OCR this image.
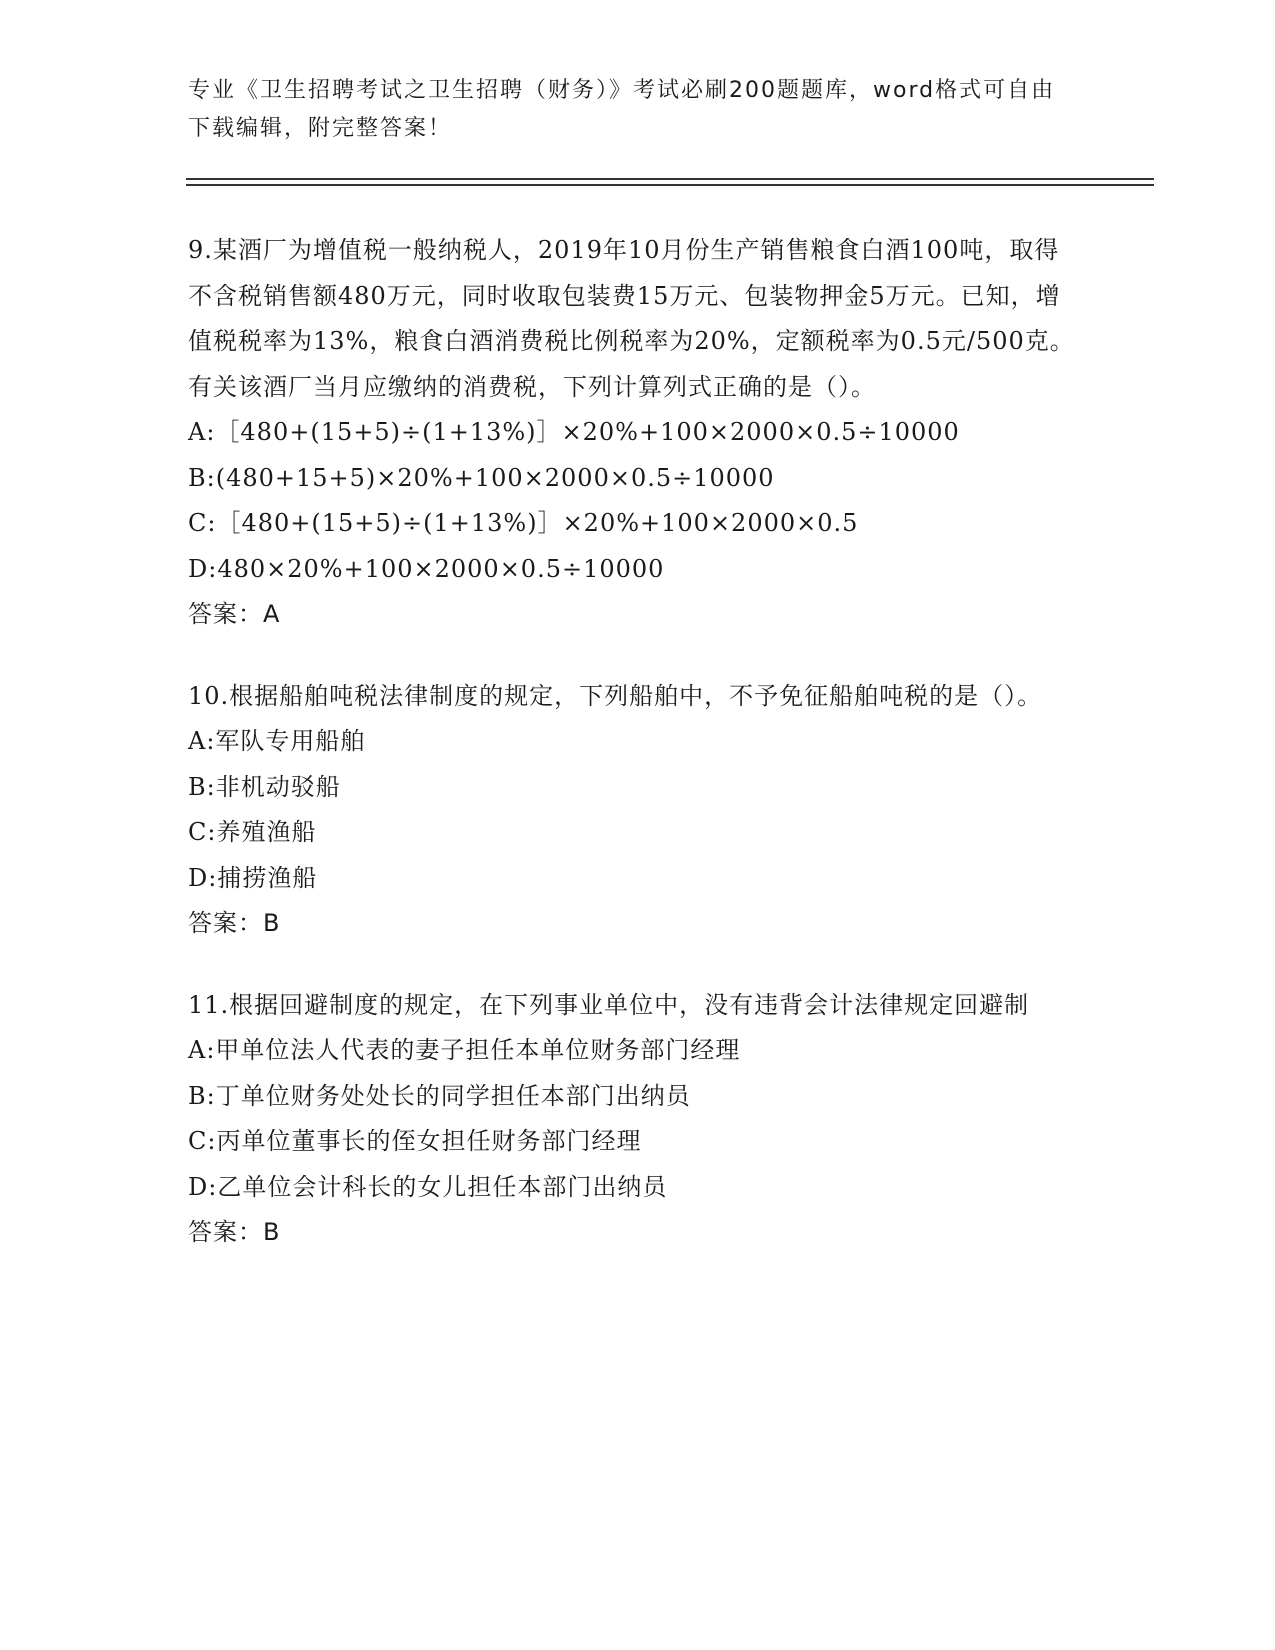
专业《卫生招聘考试之卫生招聘（财务）》考试必刷200题题库，word格式可自由下载编辑，附完整答案！

9.某酒厂为增值税一般纳税人，2019年10月份生产销售粮食白酒100吨，取得不含税销售额480万元，同时收取包装费15万元、包装物押金5万元。已知，增值税税率为13%，粮食白酒消费税比例税率为20%，定额税率为0.5元/500克。有关该酒厂当月应缴纳的消费税，下列计算列式正确的是（）。

A:［480+(15+5)÷(1+13%)］×20%+100×2000×0.5÷10000

B:(480+15+5)×20%+100×2000×0.5÷10000

C:［480+(15+5)÷(1+13%)］×20%+100×2000×0.5

D:480×20%+100×2000×0.5÷10000

答案：A

10.根据船舶吨税法律制度的规定，下列船舶中，不予免征船舶吨税的是（）。

A:军队专用船舶

B:非机动驳船

C:养殖渔船

D:捕捞渔船

答案：B

11.根据回避制度的规定，在下列事业单位中，没有违背会计法律规定回避制

A:甲单位法人代表的妻子担任本单位财务部门经理

B:丁单位财务处处长的同学担任本部门出纳员

C:丙单位董事长的侄女担任财务部门经理

D:乙单位会计科长的女儿担任本部门出纳员

答案：B
